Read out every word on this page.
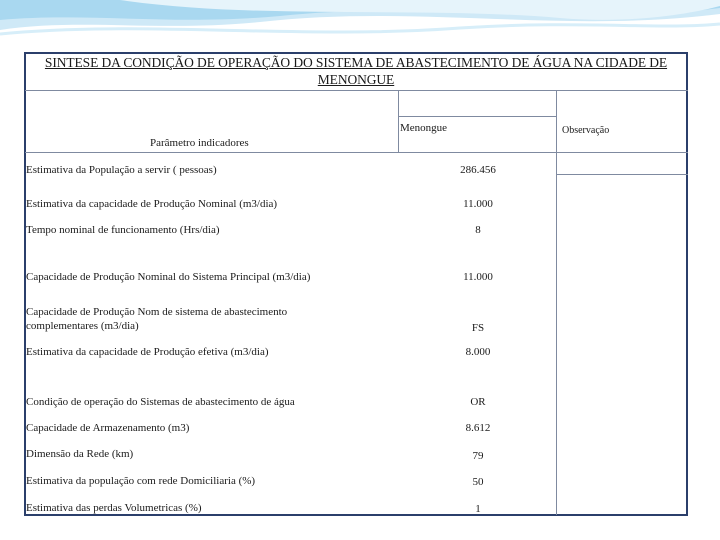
SINTESE DA CONDIÇÃO DE OPERAÇÃO DO SISTEMA DE ABASTECIMENTO DE ÁGUA NA CIDADE DE MENONGUE
Parâmetro indicadores
Menongue	Observação
Estimativa da População a servir ( pessoas)	286.456
Estimativa da capacidade de Produção Nominal (m3/dia)	11.000
Tempo nominal de funcionamento (Hrs/dia)	8
Capacidade de Produção Nominal do Sistema Principal (m3/dia)	11.000
Capacidade de Produção Nom de sistema de abastecimento
complementares (m3/dia)	FS
Estimativa da capacidade de Produção efetiva (m3/dia)	8.000
Condição de operação do Sistemas de abastecimento de água	OR
Capacidade de Armazenamento (m3)	8.612
Dimensão da Rede (km)	79
Estimativa da população com rede Domiciliaria (%)	50
Estimativa das perdas Volumetricas (%)	1
